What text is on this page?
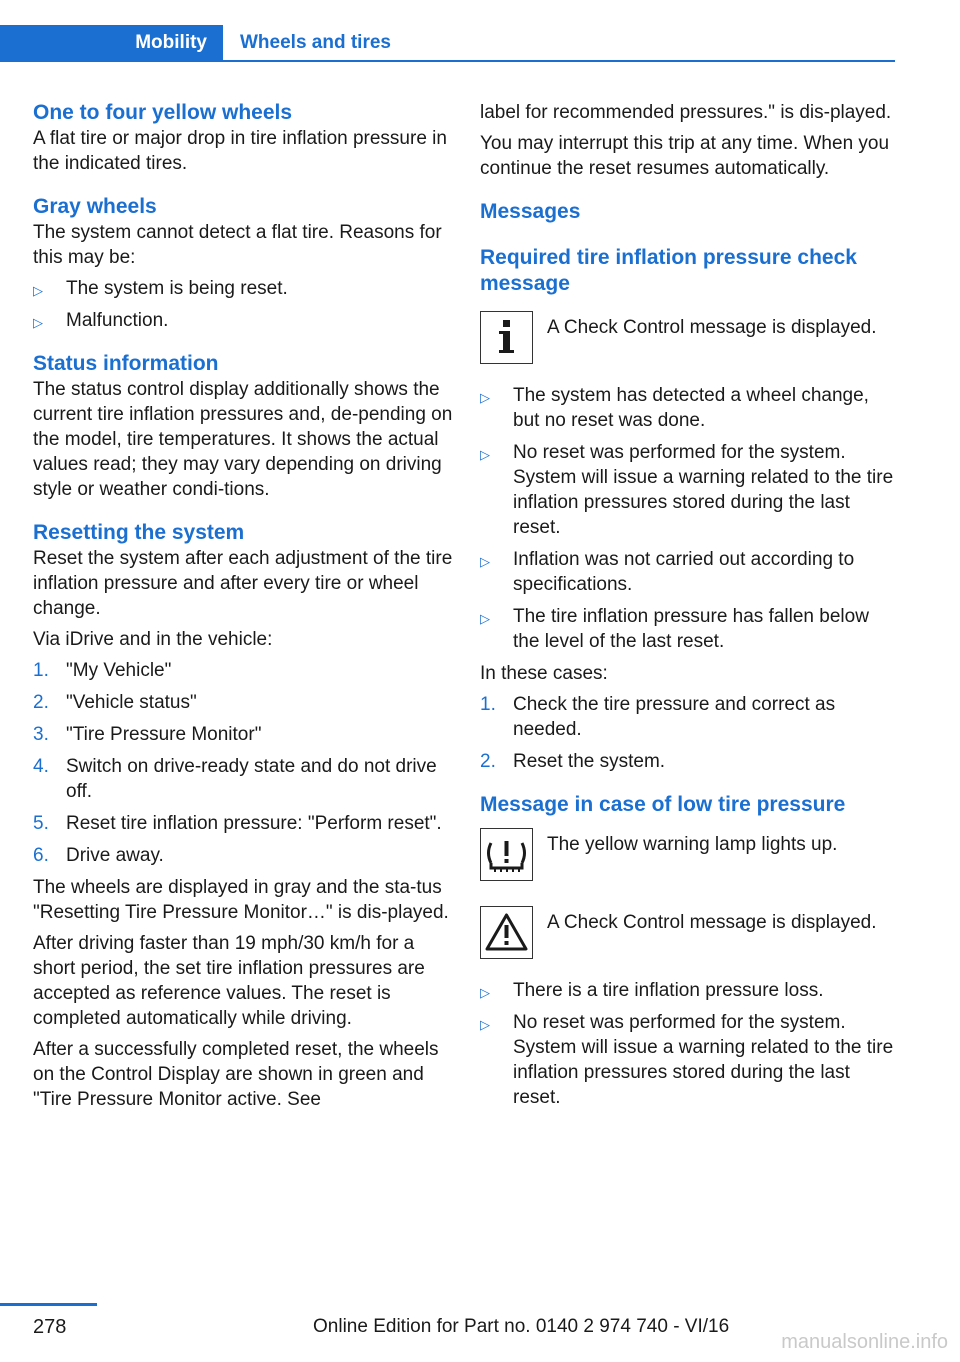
Mobility	Wheels and tires
One to four yellow wheels

A flat tire or major drop in tire inflation pressure in the indicated tires.

Gray wheels

The system cannot detect a flat tire. Reasons for this may be:

▷ The system is being reset.
▷ Malfunction.
Status information

The status control display additionally shows the current tire inflation pressures and, de-pending on the model, tire temperatures. It shows the actual values read; they may vary depending on driving style or weather condi-tions.

Resetting the system

Reset the system after each adjustment of the tire inflation pressure and after every tire or wheel change.

Via iDrive and in the vehicle:

1. "My Vehicle"
2. "Vehicle status"
3. "Tire Pressure Monitor"
4. Switch on drive-ready state and do not drive off.
5. Reset tire inflation pressure: "Perform reset".
6. Drive away.

The wheels are displayed in gray and the sta-tus "Resetting Tire Pressure Monitor…" is dis-played.

After driving faster than 19 mph/30 km/h for a short period, the set tire inflation pressures are accepted as reference values. The reset is completed automatically while driving.

After a successfully completed reset, the wheels on the Control Display are shown in green and "Tire Pressure Monitor active. See

label for recommended pressures." is dis-played.

You may interrupt this trip at any time. When you continue the reset resumes automatically.

Messages
Required tire inflation pressure check message

A Check Control message is displayed.

▷ The system has detected a wheel change, but no reset was done.
▷ No reset was performed for the system. System will issue a warning related to the tire inflation pressures stored during the last reset.
▷ Inflation was not carried out according to specifications.
▷ The tire inflation pressure has fallen below the level of the last reset.

In these cases:

1. Check the tire pressure and correct as needed.
2. Reset the system.
Message in case of low tire pressure

The yellow warning lamp lights up.

A Check Control message is displayed.

▷ There is a tire inflation pressure loss.
▷ No reset was performed for the system. System will issue a warning related to the tire inflation pressures stored during the last reset.
278	Online Edition for Part no. 0140 2 974 740 - VI/16
manualsonline.info
